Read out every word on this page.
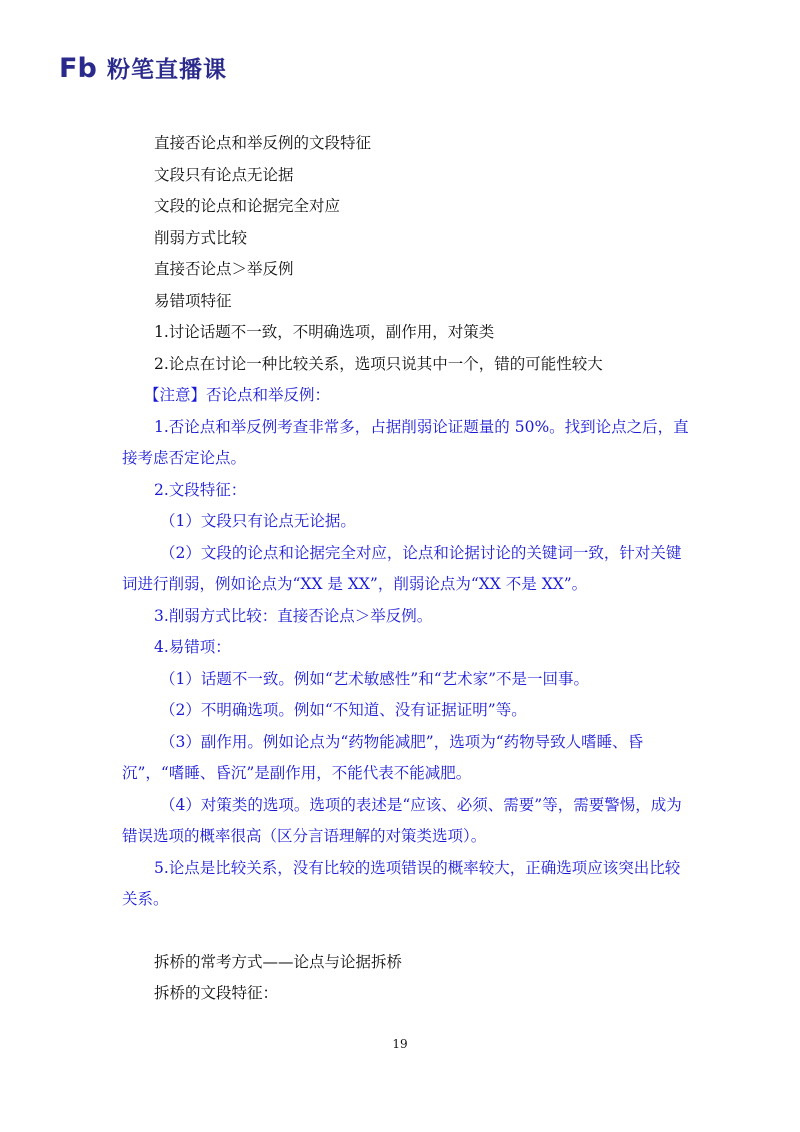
Fb 粉笔直播课
直接否论点和举反例的文段特征
文段只有论点无论据
文段的论点和论据完全对应
削弱方式比较
直接否论点＞举反例
易错项特征
1.讨论话题不一致，不明确选项，副作用，对策类
2.论点在讨论一种比较关系，选项只说其中一个，错的可能性较大
【注意】否论点和举反例：
1.否论点和举反例考查非常多，占据削弱论证题量的 50%。找到论点之后，直接考虑否定论点。
2.文段特征：
（1）文段只有论点无论据。
（2）文段的论点和论据完全对应，论点和论据讨论的关键词一致，针对关键词进行削弱，例如论点为“XX 是 XX”，削弱论点为“XX 不是 XX”。
3.削弱方式比较：直接否论点＞举反例。
4.易错项：
（1）话题不一致。例如“艺术敏感性”和“艺术家”不是一回事。
（2）不明确选项。例如“不知道、没有证据证明”等。
（3）副作用。例如论点为“药物能减肥”，选项为“药物导致人嗜睡、昏沉”，“嗜睡、昏沉”是副作用，不能代表不能减肥。
（4）对策类的选项。选项的表述是“应该、必须、需要”等，需要警惕，成为错误选项的概率很高（区分言语理解的对策类选项）。
5.论点是比较关系，没有比较的选项错误的概率较大，正确选项应该突出比较关系。
拆桥的常考方式——论点与论据拆桥
拆桥的文段特征：
19
